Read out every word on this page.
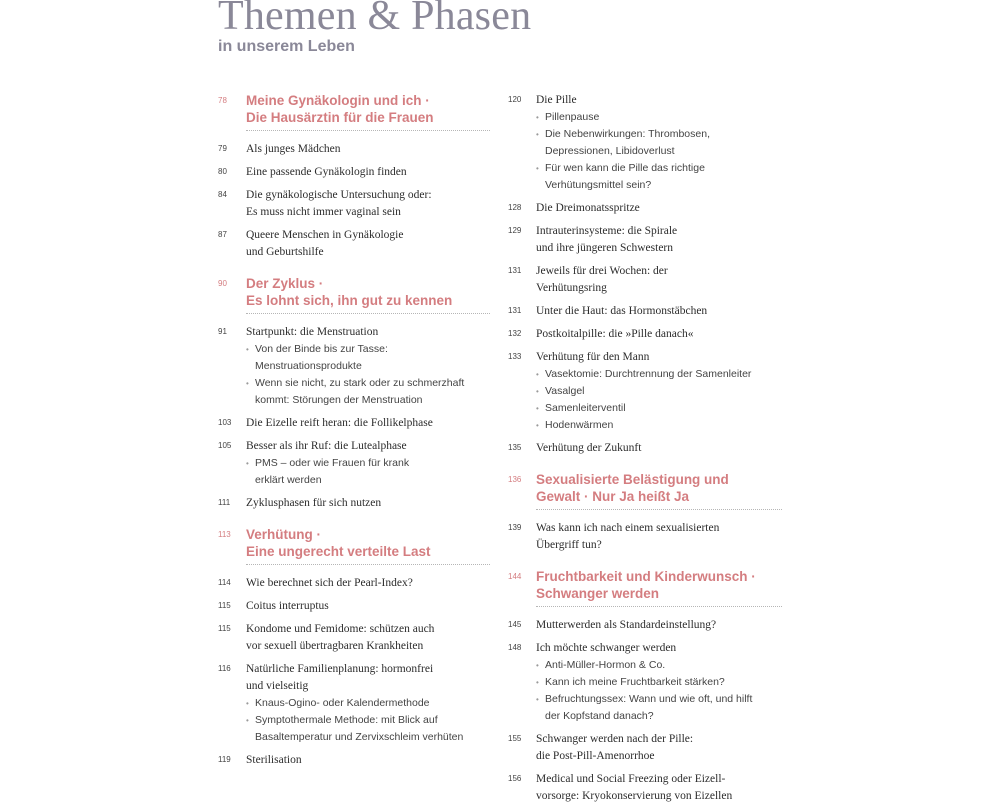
Themen & Phasen
in unserem Leben
78	Meine Gynäkologin und ich ·
Die Hausärztin für die Frauen
79	Als junges Mädchen
80	Eine passende Gynäkologin finden
84	Die gynäkologische Untersuchung oder:
Es muss nicht immer vaginal sein
87	Queere Menschen in Gynäkologie
und Geburtshilfe
90	Der Zyklus ·
Es lohnt sich, ihn gut zu kennen
91	Startpunkt: die Menstruation
• Von der Binde bis zur Tasse:
Menstruationsprodukte
• Wenn sie nicht, zu stark oder zu schmerzhaft
kommt: Störungen der Menstruation
103	Die Eizelle reift heran: die Follikelphase
105	Besser als ihr Ruf: die Lutealphase
• PMS – oder wie Frauen für krank
erklärt werden
111	Zyklusphasen für sich nutzen
113	Verhütung ·
Eine ungerecht verteilte Last
114	Wie berechnet sich der Pearl-Index?
115	Coitus interruptus
115	Kondome und Femidome: schützen auch
vor sexuell übertragbaren Krankheiten
116	Natürliche Familienplanung: hormonfrei
und vielseitig
• Knaus-Ogino- oder Kalendermethode
• Symptothermale Methode: mit Blick auf
Basaltemperatur und Zervixschleim verhüten
119	Sterilisation
120	Die Pille
• Pillenpause
• Die Nebenwirkungen: Thrombosen,
Depressionen, Libidoverlust
• Für wen kann die Pille das richtige
Verhütungsmittel sein?
128	Die Dreimonatsspritze
129	Intrauterinsysteme: die Spirale
und ihre jüngeren Schwestern
131	Jeweils für drei Wochen: der
Verhütungsring
131	Unter die Haut: das Hormonstäbchen
132	Postkoitalpille: die »Pille danach«
133	Verhütung für den Mann
• Vasektomie: Durchtrennung der Samenleiter
• Vasalgel
• Samenleiterventil
• Hodenwärmen
135	Verhütung der Zukunft
136	Sexualisierte Belästigung und
Gewalt · Nur Ja heißt Ja
139	Was kann ich nach einem sexualisierten
Übergriff tun?
144	Fruchtbarkeit und Kinderwunsch ·
Schwanger werden
145	Mutterwerden als Standardeinstellung?
148	Ich möchte schwanger werden
• Anti-Müller-Hormon & Co.
• Kann ich meine Fruchtbarkeit stärken?
• Befruchtungssex: Wann und wie oft, und hilft
der Kopfstand danach?
155	Schwanger werden nach der Pille:
die Post-Pill-Amenorrhoe
156	Medical und Social Freezing oder Eizell-
vorsorge: Kryokonservierung von Eizellen
